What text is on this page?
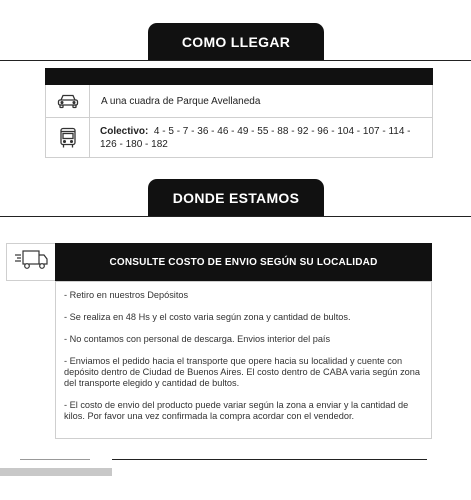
COMO LLEGAR
A una cuadra de Parque Avellaneda
Colectivo: 4 - 5 - 7 - 36 - 46 - 49 - 55 - 88 - 92 - 96 - 104 - 107 - 114 - 126 - 180 - 182
DONDE ESTAMOS
CONSULTE COSTO DE ENVIO SEGÚN SU LOCALIDAD

- Retiro en nuestros Depósitos

- Se realiza en 48 Hs y el costo varia según zona y cantidad de bultos.

- No contamos con personal de descarga. Envios interior del país

- Enviamos el pedido hacia el transporte que opere hacia su localidad y cuente con depósito dentro de Ciudad de Buenos Aires. El costo dentro de CABA varia según zona del transporte elegido y cantidad de bultos.

- El costo de envio del producto puede variar según la zona a enviar y la cantidad de kilos. Por favor una vez confirmada la compra acordar con el vendedor.
